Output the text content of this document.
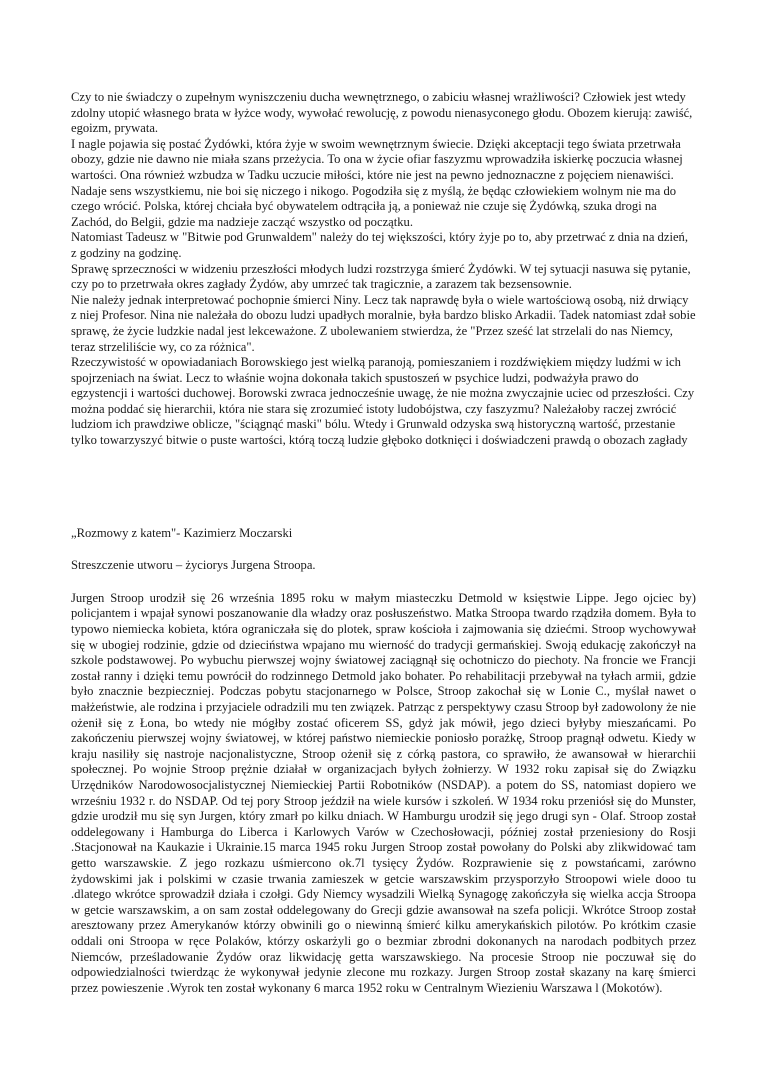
Czy to nie świadczy o zupełnym wyniszczeniu ducha wewnętrznego, o zabiciu własnej wrażliwości? Człowiek jest wtedy zdolny utopić własnego brata w łyżce wody, wywołać rewolucję, z powodu nienasyconego głodu. Obozem kierują: zawiść, egoizm, prywata.

I nagle pojawia się postać Żydówki, która żyje w swoim wewnętrznym świecie. Dzięki akceptacji tego świata przetrwała obozy, gdzie nie dawno nie miała szans przeżycia. To ona w życie ofiar faszyzmu wprowadziła iskierkę poczucia własnej wartości. Ona również wzbudza w Tadku uczucie miłości, które nie jest na pewno jednoznaczne z pojęciem nienawiści. Nadaje sens wszystkiemu, nie boi się niczego i nikogo. Pogodziła się z myślą, że będąc człowiekiem wolnym nie ma do czego wrócić. Polska, której chciała być obywatelem odtrąciła ją, a ponieważ nie czuje się Żydówką, szuka drogi na Zachód, do Belgii, gdzie ma nadzieje zacząć wszystko od początku.

Natomiast Tadeusz w "Bitwie pod Grunwaldem" należy do tej większości, który żyje po to, aby przetrwać z dnia na dzień, z godziny na godzinę.

Sprawę sprzeczności w widzeniu przeszłości młodych ludzi rozstrzyga śmierć Żydówki. W tej sytuacji nasuwa się pytanie, czy po to przetrwała okres zagłady Żydów, aby umrzeć tak tragicznie, a zarazem tak bezsensownie.

Nie należy jednak interpretować pochopnie śmierci Niny. Lecz tak naprawdę była o wiele wartościową osobą, niż drwiący z niej Profesor. Nina nie należała do obozu ludzi upadłych moralnie, była bardzo blisko Arkadii. Tadek natomiast zdał sobie sprawę, że życie ludzkie nadal jest lekceważone. Z ubolewaniem stwierdza, że "Przez sześć lat strzelali do nas Niemcy, teraz strzeliliście wy, co za różnica".

Rzeczywistość w opowiadaniach Borowskiego jest wielką paranoją, pomieszaniem i rozdźwiękiem między ludźmi w ich spojrzeniach na świat. Lecz to właśnie wojna dokonała takich spustoszeń w psychice ludzi, podważyła prawo do egzystencji i wartości duchowej. Borowski zwraca jednocześnie uwagę, że nie można zwyczajnie uciec od przeszłości. Czy można poddać się hierarchii, która nie stara się zrozumieć istoty ludobójstwa, czy faszyzmu? Należałoby raczej zwrócić ludziom ich prawdziwe oblicze, "ściągnąć maski" bólu. Wtedy i Grunwald odzyska swą historyczną wartość, przestanie tylko towarzyszyć bitwie o puste wartości, którą toczą ludzie głęboko dotknięci i doświadczeni prawdą o obozach zagłady

„Rozmowy z katem"- Kazimierz Moczarski

Streszczenie utworu – życiorys Jurgena Stroopa.

Jurgen Stroop urodził się 26 września 1895 roku w małym miasteczku Detmold w księstwie Lippe. Jego ojciec by) policjantem i wpajał synowi poszanowanie dla władzy oraz posłuszeństwo. Matka Stroopa twardo rządziła domem. Była to typowo niemiecka kobieta, która ograniczała się do plotek, spraw kościoła i zajmowania się dziećmi. Stroop wychowywał się w ubogiej rodzinie, gdzie od dzieciństwa wpajano mu wierność do tradycji germańskiej. Swoją edukację zakończył na szkole podstawowej. Po wybuchu pierwszej wojny światowej zaciągnął się ochotniczo do piechoty. Na froncie we Francji został ranny i dzięki temu powrócił do rodzinnego Detmold jako bohater. Po rehabilitacji przebywał na tyłach armii, gdzie było znacznie bezpieczniej. Podczas pobytu stacjonarnego w Polsce, Stroop zakochał się w Lonie C., myślał nawet o małżeństwie, ale rodzina i przyjaciele odradzili mu ten związek. Patrząc z perspektywy czasu Stroop był zadowolony że nie ożenił się z Łona, bo wtedy nie mógłby zostać oficerem SS, gdyż jak mówił, jego dzieci byłyby mieszańcami. Po zakończeniu pierwszej wojny światowej, w której państwo niemieckie poniosło porażkę, Stroop pragnął odwetu. Kiedy w kraju nasiliły się nastroje nacjonalistyczne, Stroop ożenił się z córką pastora, co sprawiło, że awansował w hierarchii społecznej. Po wojnie Stroop prężnie działał w organizacjach byłych żołnierzy. W 1932 roku zapisał się do Związku Urzędników Narodowosocjalistycznej Niemieckiej Partii Robotników (NSDAP). a potem do SS, natomiast dopiero we wrześniu 1932 r. do NSDAP. Od tej pory Stroop jeździł na wiele kursów i szkoleń. W 1934 roku przeniósł się do Munster, gdzie urodził mu się syn Jurgen, który zmarł po kilku dniach. W Hamburgu urodził się jego drugi syn - Olaf. Stroop został oddelegowany i Hamburga do Liberca i Karlowych Varów w Czechosłowacji, później został przeniesiony do Rosji .Stacjonował na Kaukazie i Ukrainie.15 marca 1945 roku Jurgen Stroop został powołany do Polski aby zlikwidować tam getto warszawskie. Z jego rozkazu uśmiercono ok.7l tysięcy Żydów. Rozprawienie się z powstańcami, zarówno żydowskimi jak i polskimi w czasie trwania zamieszek w getcie warszawskim przysporzyło Stroopowi wiele dooo tu .dlatego wkrótce sprowadził działa i czołgi. Gdy Niemcy wysadzili Wielką Synagogę zakończyła się wielka accja Stroopa w getcie warszawskim, a on sam został oddelegowany do Grecji gdzie awansował na szefa policji. Wkrótce Stroop został aresztowany przez Amerykanów którzy obwinili go o niewinną śmierć kilku amerykańskich pilotów. Po krótkim czasie oddali oni Stroopa w ręce Polaków, którzy oskarżyli go o bezmiar zbrodni dokonanych na narodach podbitych przez Niemców, prześladowanie Żydów oraz likwidację getta warszawskiego. Na procesie Stroop nie poczuwał się do odpowiedzialności twierdząc że wykonywał jedynie zlecone mu rozkazy. Jurgen Stroop został skazany na karę śmierci przez powieszenie .Wyrok ten został wykonany 6 marca 1952 roku w Centralnym Wiezieniu Warszawa l (Mokotów).
